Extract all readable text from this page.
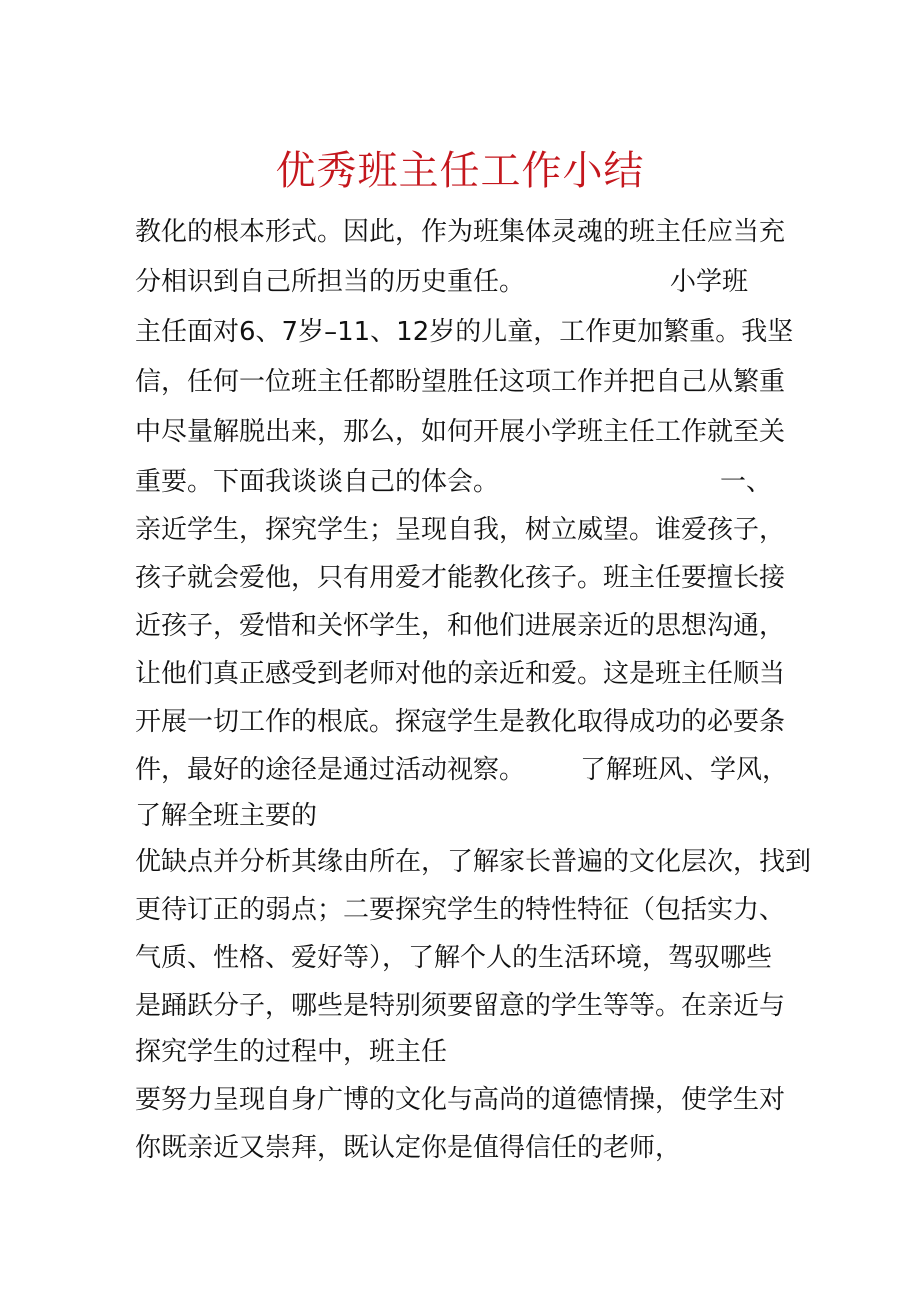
优秀班主任工作小结
教化的根本形式。因此，作为班集体灵魂的班主任应当充
分相识到自己所担当的历史重任。	小学班
主任面对6、7岁–11、12岁的儿童，工作更加繁重。我坚
信，任何一位班主任都盼望胜任这项工作并把自己从繁重
中尽量解脱出来，那么，如何开展小学班主任工作就至关
重要。下面我谈谈自己的体会。	一、
亲近学生，探究学生；呈现自我，树立威望。谁爱孩子，
孩子就会爱他，只有用爱才能教化孩子。班主任要擅长接
近孩子，爱惜和关怀学生，和他们进展亲近的思想沟通，
让他们真正感受到老师对他的亲近和爱。这是班主任顺当
开展一切工作的根底。探寇学生是教化取得成功的必要条
件，最好的途径是通过活动视察。 了解班风、学风，
了解全班主要的
优缺点并分析其缘由所在，了解家长普遍的文化层次，找到
更待订正的弱点；二要探究学生的特性特征（包括实力、
气质、性格、爱好等），了解个人的生活环境，驾驭哪些
是踊跃分子，哪些是特别须要留意的学生等等。在亲近与
探究学生的过程中，班主任
要努力呈现自身广博的文化与高尚的道德情操，使学生对
你既亲近又崇拜，既认定你是值得信任的老师，
